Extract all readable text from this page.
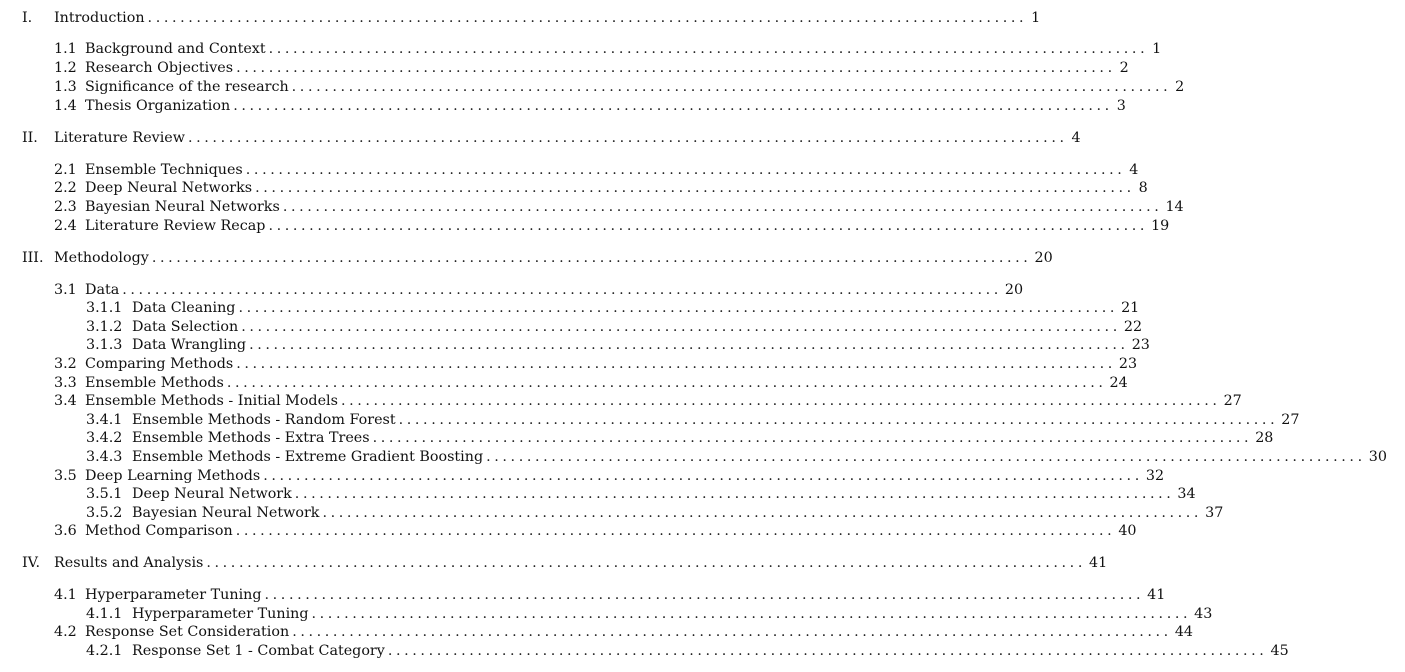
I.	Introduction ............................................................................................................ 1
1.1 Background and Context ............................................................................................................ 1
1.2 Research Objectives ............................................................................................................ 2
1.3 Significance of the research ............................................................................................................ 2
1.4 Thesis Organization ............................................................................................................ 3
II.	Literature Review ............................................................................................................ 4
2.1 Ensemble Techniques ............................................................................................................ 4
2.2 Deep Neural Networks ............................................................................................................ 8
2.3 Bayesian Neural Networks ............................................................................................................ 14
2.4 Literature Review Recap ............................................................................................................ 19
III. Methodology ............................................................................................................ 20
3.1 Data ............................................................................................................ 20
3.1.1 Data Cleaning ............................................................................................................ 21
3.1.2 Data Selection ............................................................................................................ 22
3.1.3 Data Wrangling ............................................................................................................ 23
3.2 Comparing Methods ............................................................................................................ 23
3.3 Ensemble Methods ............................................................................................................ 24
3.4 Ensemble Methods - Initial Models ............................................................................................................ 27
3.4.1 Ensemble Methods - Random Forest ............................................................................................................ 27
3.4.2 Ensemble Methods - Extra Trees ............................................................................................................ 28
3.4.3 Ensemble Methods - Extreme Gradient Boosting ............................................................................................................ 30
3.5 Deep Learning Methods ............................................................................................................ 32
3.5.1 Deep Neural Network ............................................................................................................ 34
3.5.2 Bayesian Neural Network ............................................................................................................ 37
3.6 Method Comparison ............................................................................................................ 40
IV. Results and Analysis ............................................................................................................ 41
4.1 Hyperparameter Tuning ............................................................................................................ 41
4.1.1 Hyperparameter Tuning ............................................................................................................ 43
4.2 Response Set Consideration ............................................................................................................ 44
4.2.1 Response Set 1 - Combat Category ............................................................................................................ 45
